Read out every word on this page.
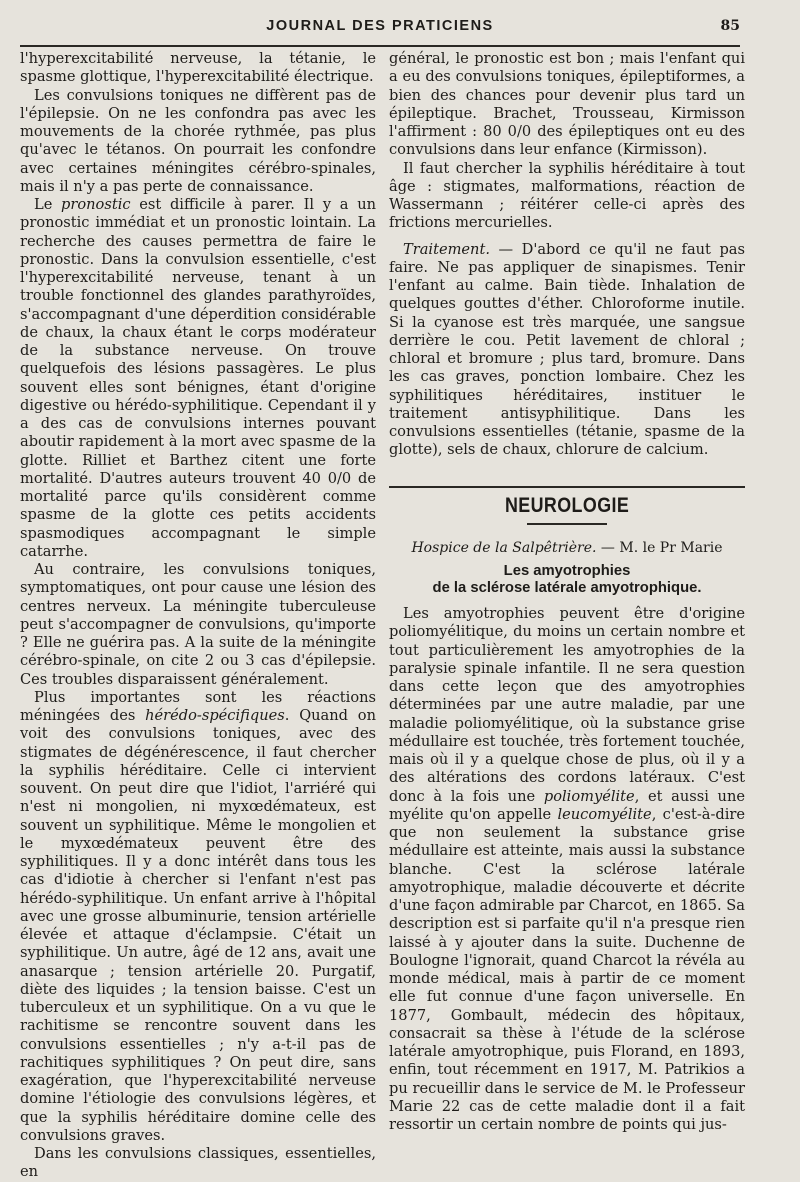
JOURNAL DES PRATICIENS	85

l'hyperexcitabilité nerveuse, la tétanie, le spasme glottique, l'hyperexcitabilité électrique.

Les convulsions toniques ne diffèrent pas de l'épilepsie. On ne les confondra pas avec les mouvements de la chorée rythmée, pas plus qu'avec le tétanos. On pourrait les confondre avec certaines méningites cérébro-spinales, mais il n'y a pas perte de connaissance.

Le pronostic est difficile à parer. Il y a un pronostic immédiat et un pronostic lointain. La recherche des causes permettra de faire le pronostic. Dans la convulsion essentielle, c'est l'hyperexcitabilité nerveuse, tenant à un trouble fonctionnel des glandes parathyroïdes, s'accompagnant d'une déperdition considérable de chaux, la chaux étant le corps modérateur de la substance nerveuse. On trouve quelquefois des lésions passagères. Le plus souvent elles sont bénignes, étant d'origine digestive ou hérédo-syphilitique. Cependant il y a des cas de convulsions internes pouvant aboutir rapidement à la mort avec spasme de la glotte. Rilliet et Barthez citent une forte mortalité. D'autres auteurs trouvent 40 0/0 de mortalité parce qu'ils considèrent comme spasme de la glotte ces petits accidents spasmodiques accompagnant le simple catarrhe.

Au contraire, les convulsions toniques, symptomatiques, ont pour cause une lésion des centres nerveux. La méningite tuberculeuse peut s'accompagner de convulsions, qu'importe ? Elle ne guérira pas. A la suite de la méningite cérébro-spinale, on cite 2 ou 3 cas d'épilepsie. Ces troubles disparaissent généralement.

Plus importantes sont les réactions méningées des hérédo-spécifiques. Quand on voit des convulsions toniques, avec des stigmates de dégénérescence, il faut chercher la syphilis héréditaire. Celle ci intervient souvent. On peut dire que l'idiot, l'arriéré qui n'est ni mongolien, ni myxœdémateux, est souvent un syphilitique. Même le mongolien et le myxœdémateux peuvent être des syphilitiques. Il y a donc intérêt dans tous les cas d'idiotie à chercher si l'enfant n'est pas hérédo-syphilitique. Un enfant arrive à l'hôpital avec une grosse albuminurie, tension artérielle élevée et attaque d'éclampsie. C'était un syphilitique. Un autre, âgé de 12 ans, avait une anasarque ; tension artérielle 20. Purgatif, diète des liquides ; la tension baisse. C'est un tuberculeux et un syphilitique. On a vu que le rachitisme se rencontre souvent dans les convulsions essentielles ; n'y a-t-il pas de rachitiques syphilitiques ? On peut dire, sans exagération, que l'hyperexcitabilité nerveuse domine l'étiologie des convulsions légères, et que la syphilis héréditaire domine celle des convulsions graves.

Dans les convulsions classiques, essentielles, en

général, le pronostic est bon ; mais l'enfant qui a eu des convulsions toniques, épileptiformes, a bien des chances pour devenir plus tard un épileptique. Brachet, Trousseau, Kirmisson l'affirment : 80 0/0 des épileptiques ont eu des convulsions dans leur enfance (Kirmisson).

Il faut chercher la syphilis héréditaire à tout âge : stigmates, malformations, réaction de Wassermann ; réitérer celle-ci après des frictions mercurielles.

Traitement. — D'abord ce qu'il ne faut pas faire. Ne pas appliquer de sinapismes. Tenir l'enfant au calme. Bain tiède. Inhalation de quelques gouttes d'éther. Chloroforme inutile. Si la cyanose est très marquée, une sangsue derrière le cou. Petit lavement de chloral ; chloral et bromure ; plus tard, bromure. Dans les cas graves, ponction lombaire. Chez les syphilitiques héréditaires, instituer le traitement antisyphilitique. Dans les convulsions essentielles (tétanie, spasme de la glotte), sels de chaux, chlorure de calcium.

NEUROLOGIE

Hospice de la Salpêtrière. — M. le Pr Marie

Les amyotrophies
de la sclérose latérale amyotrophique.

Les amyotrophies peuvent être d'origine poliomyélitique, du moins un certain nombre et tout particulièrement les amyotrophies de la paralysie spinale infantile. Il ne sera question dans cette leçon que des amyotrophies déterminées par une autre maladie, par une maladie poliomyélitique, où la substance grise médullaire est touchée, très fortement touchée, mais où il y a quelque chose de plus, où il y a des altérations des cordons latéraux. C'est donc à la fois une poliomyélite, et aussi une myélite qu'on appelle leucomyélite, c'est-à-dire que non seulement la substance grise médullaire est atteinte, mais aussi la substance blanche. C'est la sclérose latérale amyotrophique, maladie découverte et décrite d'une façon admirable par Charcot, en 1865. Sa description est si parfaite qu'il n'a presque rien laissé à y ajouter dans la suite. Duchenne de Boulogne l'ignorait, quand Charcot la révéla au monde médical, mais à partir de ce moment elle fut connue d'une façon universelle. En 1877, Gombault, médecin des hôpitaux, consacrait sa thèse à l'étude de la sclérose latérale amyotrophique, puis Florand, en 1893, enfin, tout récemment en 1917, M. Patrikios a pu recueillir dans le service de M. le Professeur Marie 22 cas de cette maladie dont il a fait ressortir un certain nombre de points qui jus-
